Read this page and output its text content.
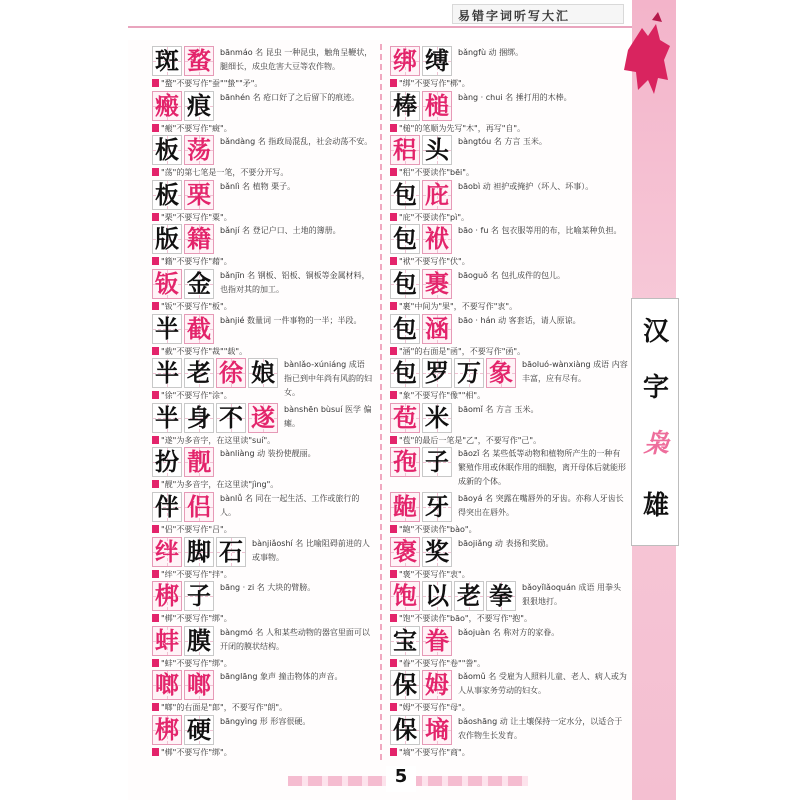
易错字词听写大汇
汉
字
枭
雄
斑 蝥	bānmáo 名 昆虫 一种昆虫，触角呈鞭状，腿细长，成虫危害大豆等农作物。
"蝥"不要写作"蚕""蛰""矛"。
瘢 痕	bānhén 名 疮口好了之后留下的痕迹。
"瘢"不要写作"癍"。
板 荡	bǎndàng 名 指政局混乱，社会动荡不安。
"荡"的第七笔是一笔，不要分开写。
板 栗	bǎnlì 名 植物 栗子。
"栗"不要写作"粟"。
版 籍	bǎnjí 名 登记户口、土地的簿册。
"籍"不要写作"藉"。
钣 金	bǎnjīn 名 钢板、铝板、铜板等金属材料，也指对其的加工。
"钣"不要写作"板"。
半 截	bànjié 数量词 一件事物的一半；半段。
"截"不要写作"裁""载"。
半 老 徐 娘	bànlǎo-xúniáng 成语 指已到中年尚有风韵的妇女。
"徐"不要写作"涂"。
半 身 不 遂	bànshēn bùsuí 医学 偏瘫。
"遂"为多音字，在这里读"suí"。
扮 靓	bànliàng 动 装扮使靓丽。
"靓"为多音字，在这里读"jìng"。
伴 侣	bànlǚ 名 同在一起生活、工作或旅行的人。
"侣"不要写作"吕"。
绊 脚 石	bànjiǎoshí 名 比喻阻碍前进的人或事物。
"绊"不要写作"拌"。
梆 子	bāng · zi 名 大块的臂膀。
"梆"不要写作"绑"。
蚌 膜	bàngmó 名 人和某些动物的器官里面可以开闭的膜状结构。
"蚌"不要写作"绑"。
啷 啷	bānglāng 象声 撞击物体的声音。
"啷"的右面是"郎"，不要写作"朗"。
梆 硬	bāngyìng 形 形容很硬。
"梆"不要写作"绑"。
绑 缚	bǎngfù 动 捆绑。
"绑"不要写作"梆"。
棒 槌	bàng · chui 名 捶打用的木棒。
"槌"的笔顺为先写"木"，再写"自"。
稆 头	bàngtóu 名 方言 玉米。
"稆"不要读作"bēi"。
包 庇	bāobì 动 袒护或掩护（坏人、坏事）。
"庇"不要读作"pì"。
包 袱	bāo · fu 名 包衣服等用的布，比喻某种负担。
"袱"不要写作"伏"。
包 裹	bāoguǒ 名 包扎成件的包儿。
"裹"中间为"果"，不要写作"衷"。
包 涵	bāo · hán 动 客套话，请人原谅。
"涵"的右面是"函"，不要写作"函"。
包 罗 万 象	bāoluó-wànxiàng 成语 内容丰富，应有尽有。
"象"不要写作"像""相"。
苞 米	bāomǐ 名 方言 玉米。
"苞"的最后一笔是"乙"，不要写作"己"。
孢 子	bāozǐ 名 某些低等动物和植物所产生的一种有繁殖作用或休眠作用的细胞，离开母体后就能形成新的个体。
龅 牙	bāoyá 名 突露在嘴唇外的牙齿。亦称人牙齿长得突出在唇外。
"龅"不要读作"bào"。
褒 奖	bāojiǎng 动 表扬和奖励。
"褒"不要写作"衷"。
饱 以 老 拳	bǎoyǐlǎoquán 成语 用拳头狠狠地打。
"饱"不要读作"bāo"，不要写作"抱"。
宝 眷	bǎojuàn 名 称对方的家眷。
"眷"不要写作"卷""誊"。
保 姆	bǎomǔ 名 受雇为人照料儿童、老人、病人或为人从事家务劳动的妇女。
"姆"不要写作"母"。
保 墒	bǎoshāng 动 让土壤保持一定水分，以适合于农作物生长发育。
"墒"不要写作"商"。
5
